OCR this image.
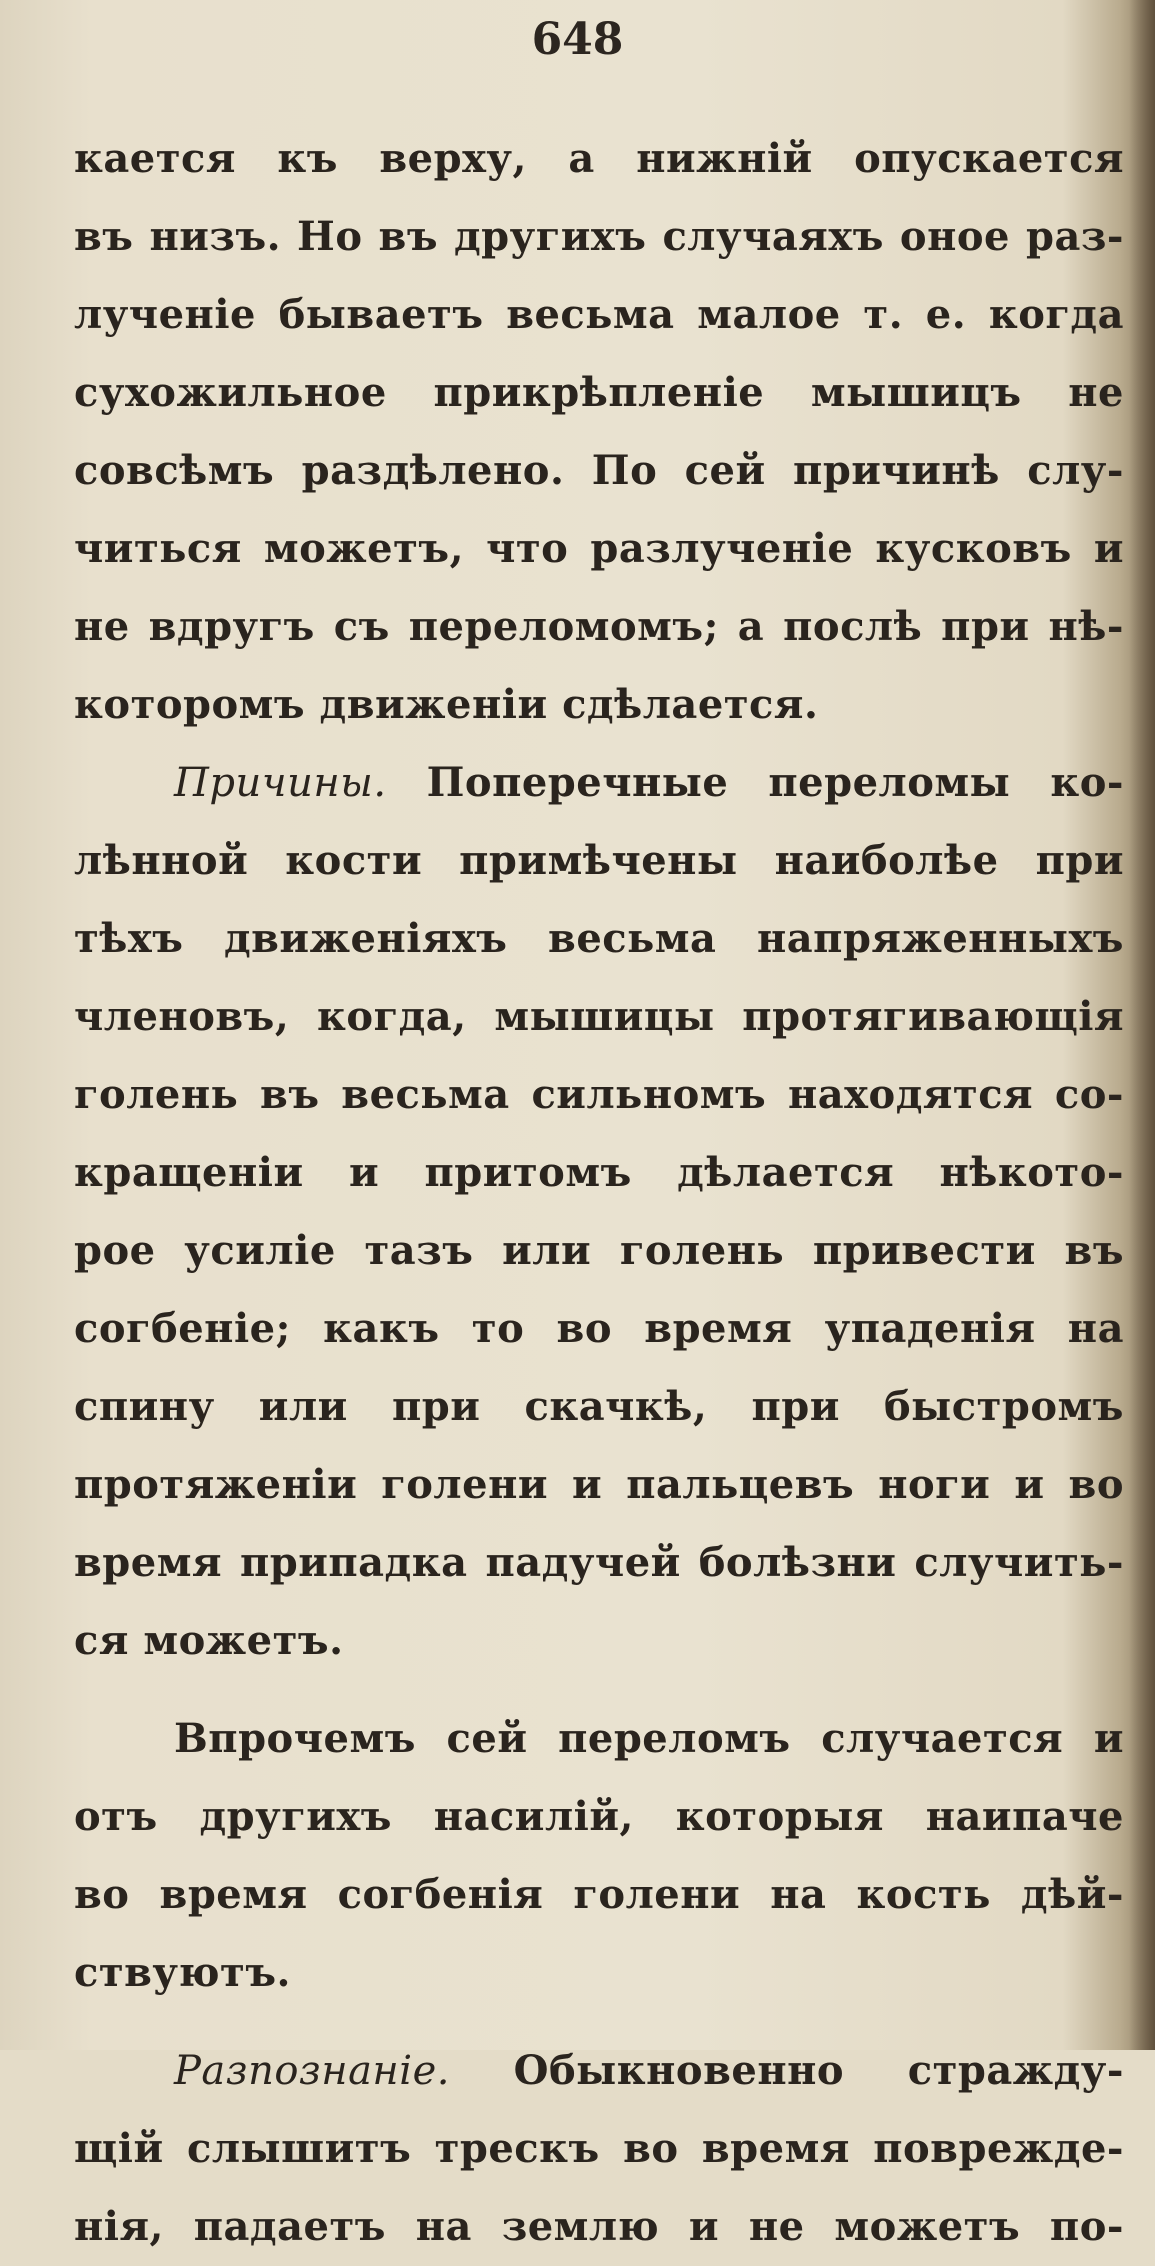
648
кается къ верху, а нижній опускается
въ низъ. Но въ другихъ случаяхъ оное раз-
лученіе бываетъ весьма малое т. е. когда
сухожильное прикрѣпленіе мышицъ не
совсѣмъ раздѣлено. По сей причинѣ слу-
читься можетъ, что разлученіе кусковъ и
не вдругъ съ переломомъ; а послѣ при нѣ-
которомъ движеніи сдѣлается.
Причины. Поперечные переломы ко-
лѣнной кости примѣчены наиболѣе при
тѣхъ движеніяхъ весьма напряженныхъ
членовъ, когда, мышицы протягивающія
голень въ весьма сильномъ находятся со-
кращеніи и притомъ дѣлается нѣкото-
рое усиліе тазъ или голень привести въ
согбеніе; какъ то во время упаденія на
спину или при скачкѣ, при быстромъ
протяженіи голени и пальцевъ ноги и во
время припадка падучей болѣзни случить-
ся можетъ.
Впрочемъ сей переломъ случается и
отъ другихъ насилій, которыя наипаче
во время согбенія голени на кость дѣй-
ствуютъ.
Разпознаніе. Обыкновенно стражду-
щій слышитъ трескъ во время поврежде-
нія, падаетъ на землю и не можетъ по-
